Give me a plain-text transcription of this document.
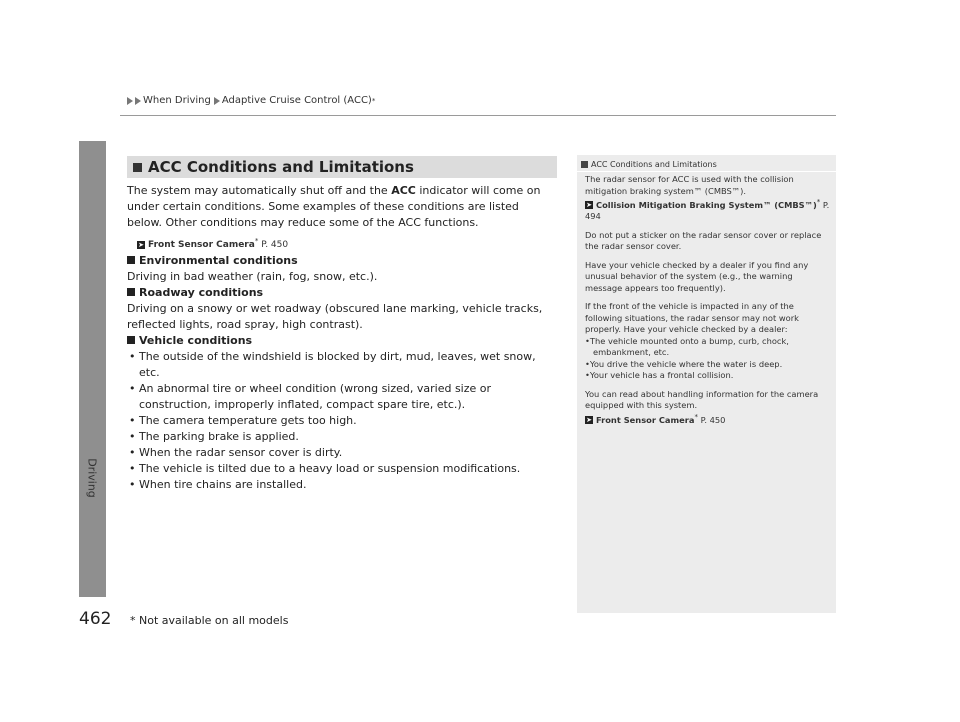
When Driving Adaptive Cruise Control (ACC) *
Driving
ACC Conditions and Limitations

The system may automatically shut off and the ACC indicator will come on under certain conditions. Some examples of these conditions are listed below. Other conditions may reduce some of the ACC functions.

➤ Front Sensor Camera* P. 450

Environmental conditions

Driving in bad weather (rain, fog, snow, etc.).

Roadway conditions

Driving on a snowy or wet roadway (obscured lane marking, vehicle tracks, reflected lights, road spray, high contrast).

Vehicle conditions

• The outside of the windshield is blocked by dirt, mud, leaves, wet snow, etc.

• An abnormal tire or wheel condition (wrong sized, varied size or construction, improperly inflated, compact spare tire, etc.).

• The camera temperature gets too high.

• The parking brake is applied.

• When the radar sensor cover is dirty.

• The vehicle is tilted due to a heavy load or suspension modifications.

• When tire chains are installed.

ACC Conditions and Limitations

The radar sensor for ACC is used with the collision mitigation braking system™ (CMBS™).

➤ Collision Mitigation Braking System™ (CMBS™)* P. 494

Do not put a sticker on the radar sensor cover or replace the radar sensor cover.

Have your vehicle checked by a dealer if you find any unusual behavior of the system (e.g., the warning message appears too frequently).

If the front of the vehicle is impacted in any of the following situations, the radar sensor may not work properly. Have your vehicle checked by a dealer:

•The vehicle mounted onto a bump, curb, chock, embankment, etc.

•You drive the vehicle where the water is deep.

•Your vehicle has a frontal collision.

You can read about handling information for the camera equipped with this system.

➤ Front Sensor Camera* P. 450

462 * Not available on all models
